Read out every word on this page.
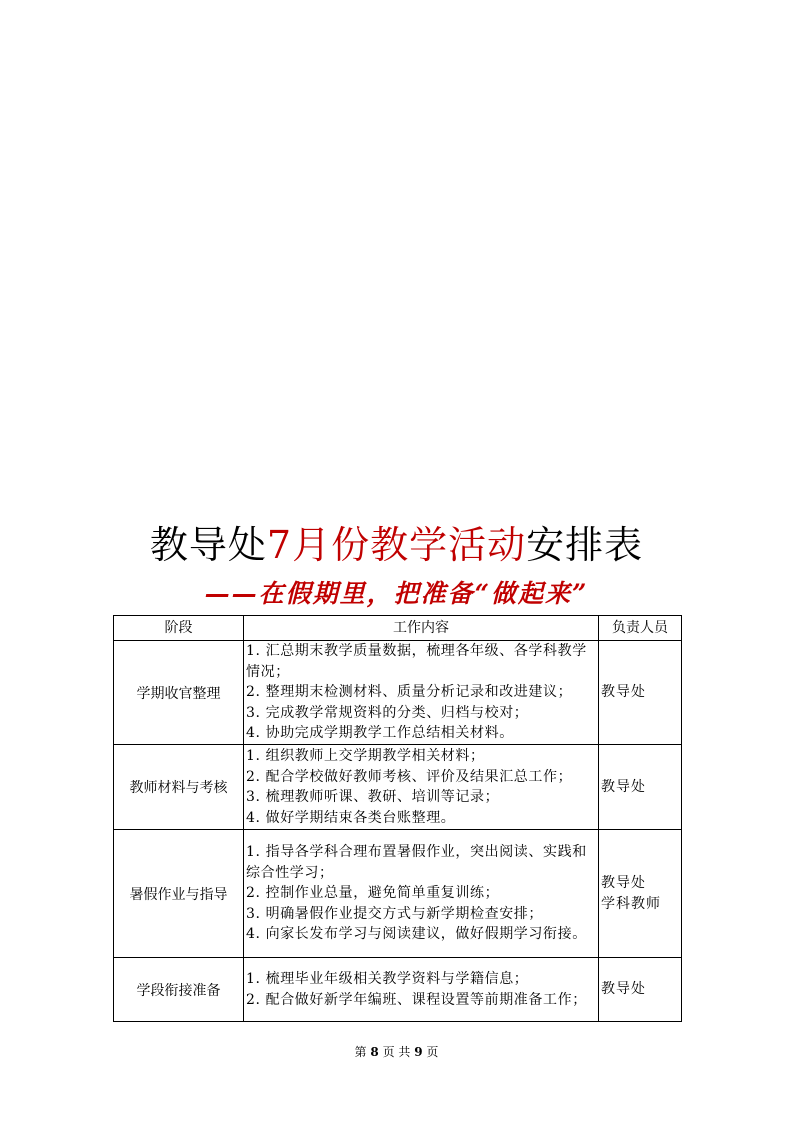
教导处7月份教学活动安排表
——在假期里，把准备“做起来”
阶段	工作内容	负责人员
学期收官整理	1. 汇总期末教学质量数据，梳理各年级、各学科教学情况；
2. 整理期末检测材料、质量分析记录和改进建议；
3. 完成教学常规资料的分类、归档与校对；
4. 协助完成学期教学工作总结相关材料。	教导处

教师材料与考核	1. 组织教师上交学期教学相关材料；
2. 配合学校做好教师考核、评价及结果汇总工作；
3. 梳理教师听课、教研、培训等记录；
4. 做好学期结束各类台账整理。	教导处

暑假作业与指导	1. 指导各学科合理布置暑假作业，突出阅读、实践和综合性学习；
2. 控制作业总量，避免简单重复训练；
3. 明确暑假作业提交方式与新学期检查安排；
4. 向家长发布学习与阅读建议，做好假期学习衔接。	教导处
学科教师

学段衔接准备	1. 梳理毕业年级相关教学资料与学籍信息；
2. 配合做好新学年编班、课程设置等前期准备工作；	教导处
第 8 页 共 9 页
